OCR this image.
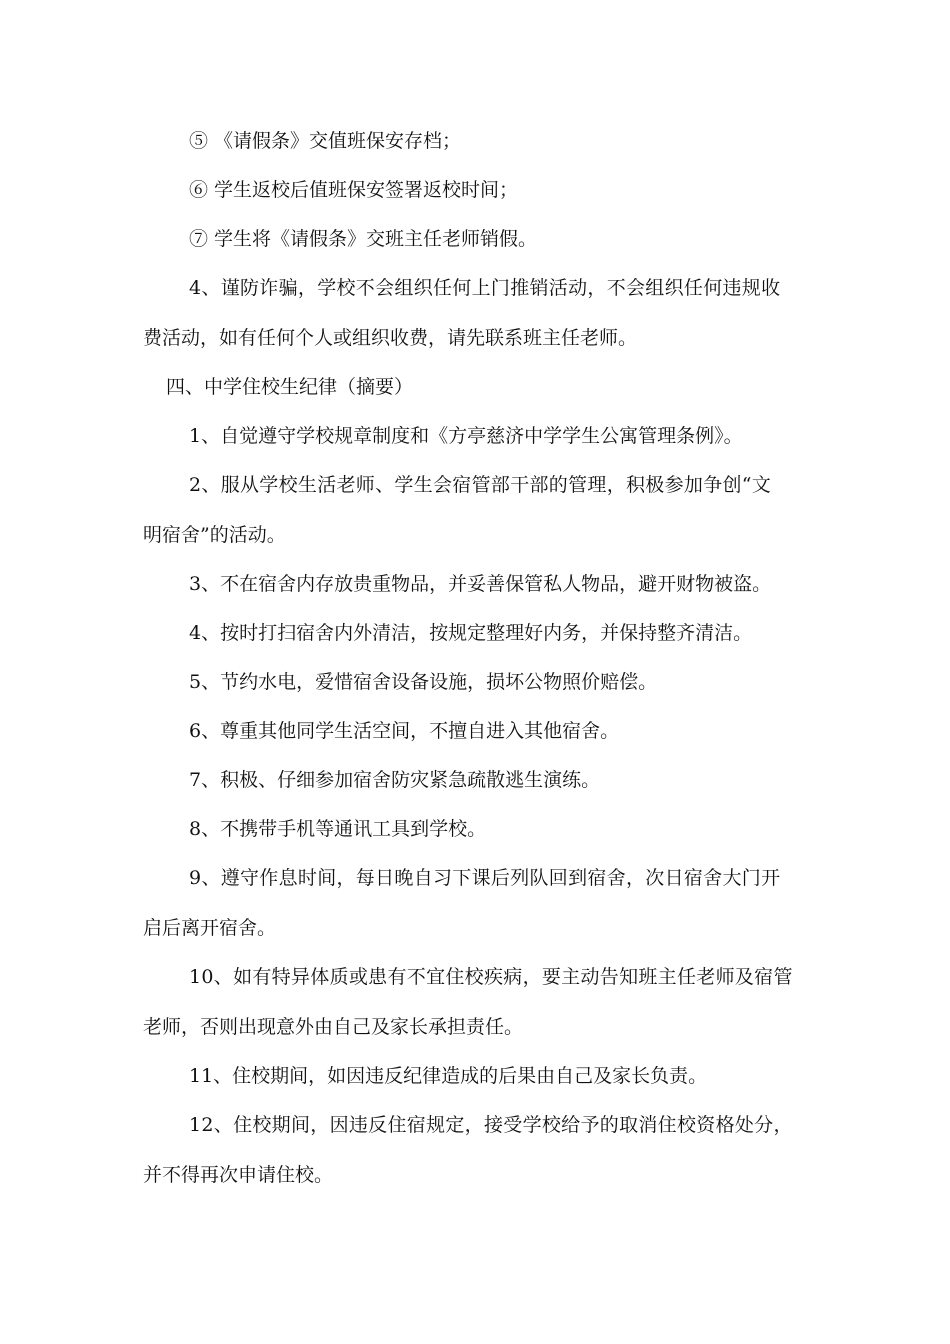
⑤ 《请假条》交值班保安存档；
⑥ 学生返校后值班保安签署返校时间；
⑦ 学生将《请假条》交班主任老师销假。
4、谨防诈骗，学校不会组织任何上门推销活动，不会组织任何违规收
费活动，如有任何个人或组织收费，请先联系班主任老师。
四、中学住校生纪律（摘要）
1、自觉遵守学校规章制度和《方亭慈济中学学生公寓管理条例》。
2、服从学校生活老师、学生会宿管部干部的管理，积极参加争创“文
明宿舍”的活动。
3、不在宿舍内存放贵重物品，并妥善保管私人物品，避开财物被盗。
4、按时打扫宿舍内外清洁，按规定整理好内务，并保持整齐清洁。
5、节约水电，爱惜宿舍设备设施，损坏公物照价赔偿。
6、尊重其他同学生活空间，不擅自进入其他宿舍。
7、积极、仔细参加宿舍防灾紧急疏散逃生演练。
8、不携带手机等通讯工具到学校。
9、遵守作息时间，每日晚自习下课后列队回到宿舍，次日宿舍大门开
启后离开宿舍。
10、如有特异体质或患有不宜住校疾病，要主动告知班主任老师及宿管
老师，否则出现意外由自己及家长承担责任。
11、住校期间，如因违反纪律造成的后果由自己及家长负责。
12、住校期间，因违反住宿规定，接受学校给予的取消住校资格处分，
并不得再次申请住校。
